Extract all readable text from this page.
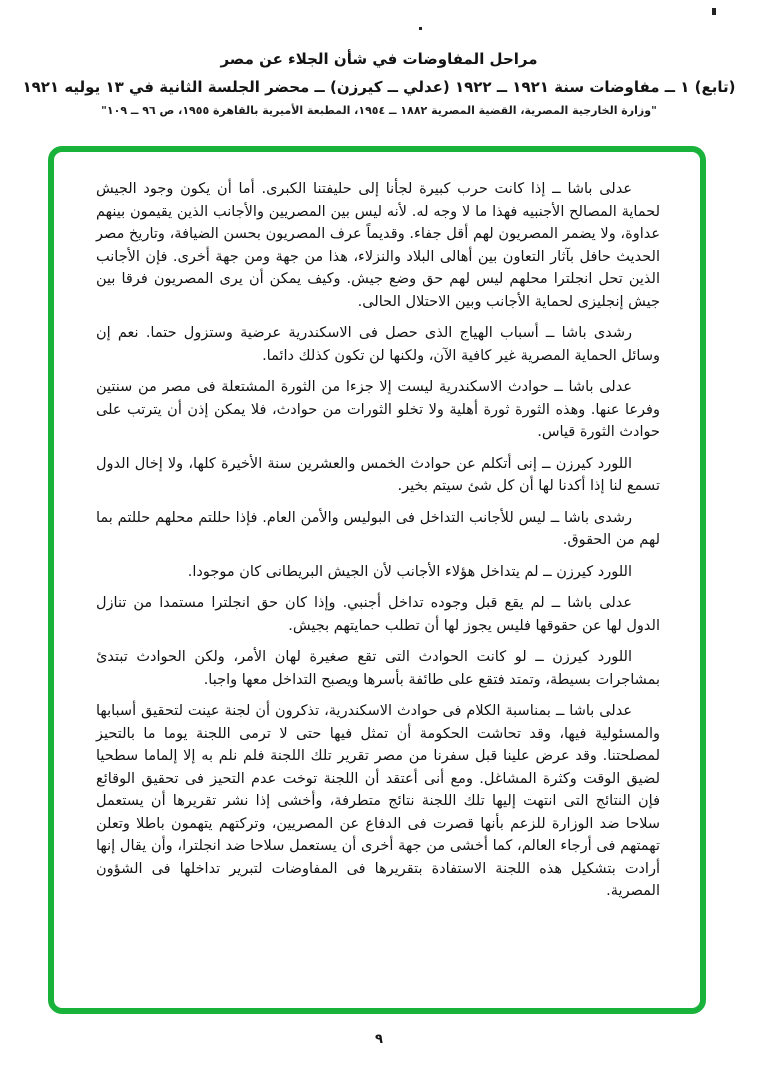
مراحل المفاوضات في شأن الجلاء عن مصر
(تابع) ١ ــ مفاوضات سنة ١٩٢١ ــ ١٩٢٢ (عدلي ــ كيرزن) ــ محضر الجلسة الثانية في ١٣ يوليه ١٩٢١
"وزارة الخارجية المصرية، القضية المصرية ١٨٨٢ ــ ١٩٥٤، المطبعة الأميرية بالقاهرة ١٩٥٥، ص ٩٦ ــ ١٠٩"

عدلى باشا ــ إذا كانت حرب كبيرة لجأنا إلى حليفتنا الكبرى. أما أن يكون وجود الجيش لحماية المصالح الأجنبيه فهذا ما لا وجه له. لأنه ليس بين المصريين والأجانب الذين يقيمون بينهم عداوة، ولا يضمر المصريون لهم أقل جفاء. وقديماً عرف المصريون بحسن الضيافة، وتاريخ مصر الحديث حافل بآثار التعاون بين أهالى البلاد والنزلاء، هذا من جهة ومن جهة أخرى. فإن الأجانب الذين تحل انجلترا محلهم ليس لهم حق وضع جيش. وكيف يمكن أن يرى المصريون فرقا بين جيش إنجليزى لحماية الأجانب وبين الاحتلال الحالى.

رشدى باشا ــ أسباب الهياج الذى حصل فى الاسكندرية عرضية وستزول حتما. نعم إن وسائل الحماية المصرية غير كافية الآن، ولكنها لن تكون كذلك دائما.

عدلى باشا ــ حوادث الاسكندرية ليست إلا جزءا من الثورة المشتعلة فى مصر من سنتين وفرعا عنها. وهذه الثورة ثورة أهلية ولا تخلو الثورات من حوادث، فلا يمكن إذن أن يترتب على حوادث الثورة قياس.

اللورد كيرزن ــ إنى أتكلم عن حوادث الخمس والعشرين سنة الأخيرة كلها، ولا إخال الدول تسمع لنا إذا أكدنا لها أن كل شئ سيتم بخير.

رشدى باشا ــ ليس للأجانب التداخل فى البوليس والأمن العام. فإذا حللتم محلهم حللتم بما لهم من الحقوق.

اللورد كيرزن ــ لم يتداخل هؤلاء الأجانب لأن الجيش البريطانى كان موجودا.

عدلى باشا ــ لم يقع قبل وجوده تداخل أجنبي. وإذا كان حق انجلترا مستمدا من تنازل الدول لها عن حقوقها فليس يجوز لها أن تطلب حمايتهم بجيش.

اللورد كيرزن ــ لو كانت الحوادث التى تقع صغيرة لهان الأمر، ولكن الحوادث تبتدئ بمشاجرات بسيطة، وتمتد فتقع على طائفة بأسرها ويصبح التداخل معها واجبا.

عدلى باشا ــ بمناسبة الكلام فى حوادث الاسكندرية، تذكرون أن لجنة عينت لتحقيق أسبابها والمسئولية فيها، وقد تحاشت الحكومة أن تمثل فيها حتى لا ترمى اللجنة يوما ما بالتحيز لمصلحتنا. وقد عرض علينا قبل سفرنا من مصر تقرير تلك اللجنة فلم نلم به إلا إلماما سطحيا لضيق الوقت وكثرة المشاغل. ومع أنى أعتقد أن اللجنة توخت عدم التحيز فى تحقيق الوقائع فإن النتائج التى انتهت إليها تلك اللجنة نتائج متطرفة، وأخشى إذا نشر تقريرها أن يستعمل سلاحا ضد الوزارة للزعم بأنها قصرت فى الدفاع عن المصريين، وتركتهم يتهمون باطلا وتعلن تهمتهم فى أرجاء العالم، كما أخشى من جهة أخرى أن يستعمل سلاحا ضد انجلترا، وأن يقال إنها أرادت بتشكيل هذه اللجنة الاستفادة بتقريرها فى المفاوضات لتبرير تداخلها فى الشؤون المصرية.

٩
